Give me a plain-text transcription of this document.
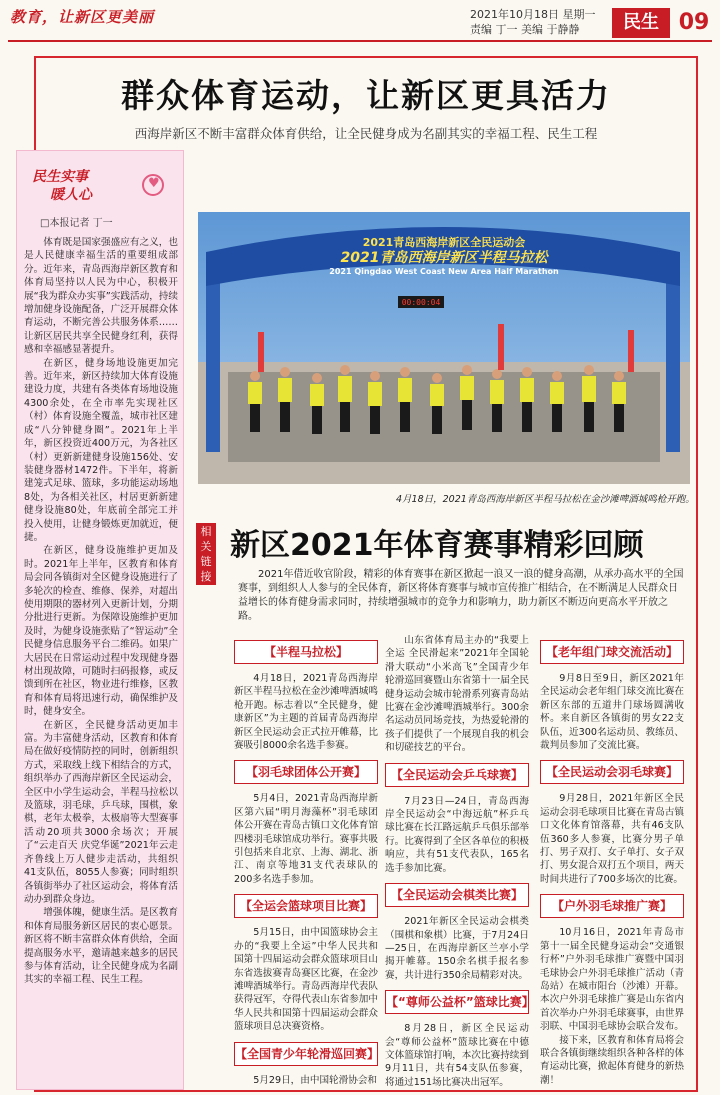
教育，让新区更美丽	2021年10月18日 星期一
责编 丁一 美编 于静静	民生 09
群众体育运动，让新区更具活力
西海岸新区不断丰富群众体育供给，让全民健身成为名副其实的幸福工程、民生工程
民生实事
暖人心
♥
□本报记者 丁一

体育既是国家强盛应有之义，也是人民健康幸福生活的重要组成部分。近年来，青岛西海岸新区教育和体育局坚持以人民为中心，积极开展“我为群众办实事”实践活动，持续增加健身设施配备，广泛开展群众体育运动，不断完善公共服务体系……让新区居民共享全民健身红利，获得感和幸福感显著提升。

在新区，健身场地设施更加完善。近年来，新区持续加大体育设施建设力度，共建有各类体育场地设施4300余处，在全市率先实现社区（村）体育设施全覆盖，城市社区建成“八分钟健身圈”。2021年上半年，新区投资近400万元，为各社区（村）更新新建健身设施156处、安装健身器材1472件。下半年，将新建笼式足球、篮球，多功能运动场地8处，为各相关社区，村居更新新建健身设施80处，年底前全部完工并投入使用，让健身锻炼更加就近，便捷。

在新区，健身设施维护更加及时。2021年上半年，区教育和体育局会同各镇街对全区健身设施进行了多轮次的检查、维修、保养，对超出使用期限的器材列入更新计划，分期分批进行更新。为保障设施维护更加及时，为健身设施张贴了“智运动”全民健身信息服务平台二维码。如果广大居民在日常运动过程中发现健身器材出现故障，可随时扫码报修，或反馈到所在社区，物业进行维修，区教育和体育局将迅速行动，确保维护及时，健身安全。

在新区，全民健身活动更加丰富。为丰富健身活动，区教育和体育局在做好疫情防控的同时，创新组织方式，采取线上线下相结合的方式，组织举办了西海岸新区全民运动会，全区中小学生运动会，半程马拉松以及篮球，羽毛球，乒乓球，围棋，象棋，老年太极拳，太极扇等大型赛事活动20项共3000余场次；开展了“云走百天 庆党华诞”2021年云走齐鲁线上万人健步走活动，共组织41支队伍，8055人参赛；同时组织各镇街举办了社区运动会，将体育活动办到群众身边。

增强体魄，健康生活。是区教育和体育局服务新区居民的衷心愿景。新区将不断丰富群众体育供给，全面提高服务水平，邀请越来越多的居民参与体育活动，让全民健身成为名副其实的幸福工程、民生工程。

2021青岛西海岸新区全民运动会
2021青岛西海岸新区半程马拉松
2021 Qingdao West Coast New Area Half Marathon
00:00:04
4月18日，2021青岛西海岸新区半程马拉松在金沙滩啤酒城鸣枪开跑。
相关链接
新区2021年体育赛事精彩回顾
2021年借近收官阶段，精彩的体育赛事在新区掀起一浪又一浪的健身高潮，从承办高水平的全国赛事，到组织人人参与的全民体育，新区将体育赛事与城市宣传推广相结合，在不断满足人民群众日益增长的体育健身需求同时，持续增强城市的竞争力和影响力，助力新区不断迈向更高水平开放之路。
【半程马拉松】

4月18日，2021青岛西海岸新区半程马拉松在金沙滩啤酒城鸣枪开跑。标志着以“全民健身，健康新区”为主题的首届青岛西海岸新区全民运动会正式拉开帷幕，比赛吸引8000余名选手参赛。

【羽毛球团体公开赛】

5月4日，2021青岛西海岸新区第六届“明月海藻杯”羽毛球团体公开赛在青岛古镇口文化体育馆四楼羽毛球馆成功举行。赛事共吸引包括来自北京、上海、湖北、浙江、南京等地31支代表球队的200多名选手参加。

【全运会篮球项目比赛】

5月15日，由中国篮球协会主办的“我要上全运”中华人民共和国第十四届运动会群众篮球项目山东省选拔赛青岛赛区比赛，在金沙滩啤酒城举行。青岛西海岸代表队获得冠军，夺得代表山东省参加中华人民共和国第十四届运动会群众篮球项目总决赛资格。

【全国青少年轮滑巡回赛】

5月29日，由中国轮滑协会和

山东省体育局主办的“我要上全运 全民滑起来”2021年全国轮滑大联动“小米高飞”全国青少年轮滑巡回赛暨山东省第十一届全民健身运动会城市轮滑系列赛青岛站比赛在金沙滩啤酒城举行。300余名运动员同场竞技，为热爱轮滑的孩子们提供了一个展现自我的机会和切磋技艺的平台。

【全民运动会乒乓球赛】

7月23日—24日，青岛西海岸全民运动会“中海远航”杯乒乓球比赛在长江路远航乒乓俱乐部举行。比赛得到了全区各单位的积极响应，共有51支代表队，165名选手参加比赛。

【全民运动会棋类比赛】

2021年新区全民运动会棋类（围棋和象棋）比赛，于7月24日—25日，在西海岸新区兰亭小学揭开帷幕。150余名棋手报名参赛，共计进行350余局精彩对决。

【“尊师公益杯”篮球比赛】

8月28日，新区全民运动会“尊师公益杯”篮球比赛在中德文体篮球馆打响，本次比赛持续到9月11日，共有54支队伍参赛，将通过151场比赛决出冠军。

【老年组门球交流活动】

9月8日至9日，新区2021年全民运动会老年组门球交流比赛在新区东部的五道井门球场圆满收杯。来自新区各镇街的男女22支队伍，近300名运动员、教练员、裁判员参加了交流比赛。

【全民运动会羽毛球赛】

9月28日，2021年新区全民运动会羽毛球项目比赛在青岛古镇口文化体育馆落幕，共有46支队伍360多人参赛，比赛分男子单打、男子双打、女子单打、女子双打、男女混合双打五个项目，两天时间共进行了700多场次的比赛。

【户外羽毛球推广赛】

10月16日，2021年青岛市第十一届全民健身运动会“交通银行杯”户外羽毛球推广赛暨中国羽毛球协会户外羽毛球推广活动（青岛站）在城市阳台（沙滩）开幕。本次户外羽毛球推广赛是山东省内首次举办户外羽毛球赛事，由世界羽联、中国羽毛球协会联合发布。

接下来，区教育和体育局将会联合各镇街继续组织各种各样的体育运动比赛，掀起体育健身的新热潮！
